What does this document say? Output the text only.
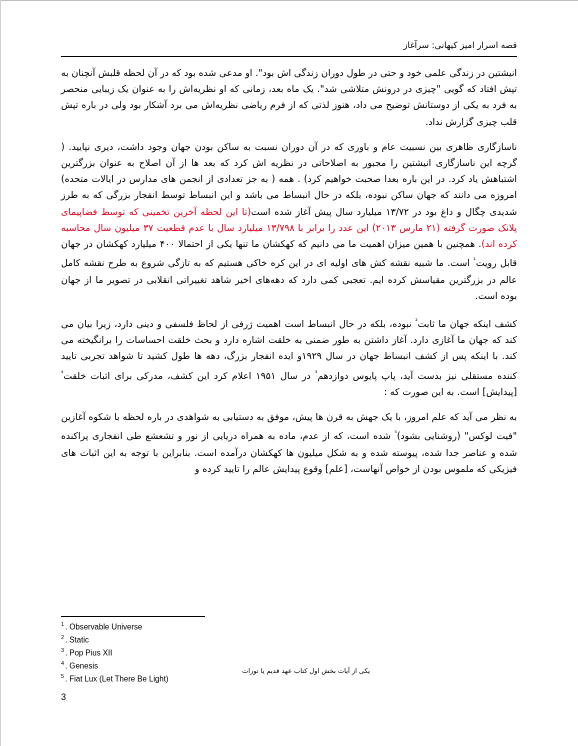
قصه اسرار امیز کیهانی: سرآغاز

انیشتین در زندگی علمی خود و حتی در طول دوران زندگی اش بود". او مدعی شده بود که در آن لحظه قلبش آنچنان به تپش افتاد که گویی "چیزی در درونش متلاشی شد". یک ماه بعد، زمانی که او نظریه‌اش را به عنوان یک زیبایی منحصر به فرد به یکی از دوستانش توضیح می داد، هنوز لذتی که از فرم ریاضی نظریه‌اش می برد آشکار بود ولی در باره تپش قلب چیزی گزارش نداد.

ناسازگاری ظاهری بین نسبیت عام و باوری که در آن دوران نسبت به ساکن بودن جهان وجود داشت، دیری نپایید. ( گرچه این ناسازگاری انیشتین را مجبور به اصلاحاتی در نظریه اش کرد که بعد ها از آن اصلاح به عنوان بزرگترین اشتباهش یاد کرد. در این باره بعدا صحبت خواهیم کرد) . همه ( به جز تعدادی از انجمن های مدارس در ایالات متحده) امروزه می دانند که جهان ساکن نبوده، بلکه در حال انبساط می باشد و این انبساط توسط انفجار بزرگی که به طرز شدیدی چگال و داغ بود در ۱۳/۷۲ میلیارد سال پیش آغاز شده است(تا این لحظه آخرین تخمینی که توسط فضاپیمای پلانک صورت گرفته (۲۱ مارس ۲۰۱۳) این عدد را برابر با ۱۳/۷۹۸ میلیارد سال با عدم قطعیت ۳۷ میلیون سال محاسبه کرده اند). همچنین با همین میزان اهمیت ما می دانیم که کهکشان ما تنها یکی از احتمالا ۴۰۰ میلیارد کهکشان در جهان قابل رویت$^{^1}$ است. ما شبیه نقشه کش های اولیه ای در این کره خاکی هستیم که به تازگی شروع به طرح نقشه کامل عالم در بزرگترین مقیاسش کرده ایم. تعجبی کمی دارد که دهه‌های اخیر شاهد تغییراتی انقلابی در تصویر ما از جهان بوده است.

کشف اینکه جهان ما ثابت$^{^2}$ نبوده، بلکه در حال انبساط است اهمیت ژرفی از لحاظ فلسفی و دینی دارد، زیرا بیان می کند که جهان ما آغازی دارد. آغاز داشتن به طور ضمنی به خلقت اشاره دارد و بحث خلقت احساسات را برانگیخته می کند. با اینکه پس از کشف انبساط جهان در سال ۱۹۲۹و ایده انفجار بزرگ، دهه ها طول کشید تا شواهد تجربی تایید کننده مستقلی نیز بدست آید، پاپ پایوس دوازدهم$^{^3}$ در سال ۱۹۵۱ اعلام کرد این کشف، مدرکی برای اثبات خلقت$^{^4}$ [پیدایش] است. به این صورت که :

به نظر می آید که علم امروز، با یک جهش به قرن ها پیش، موفق به دستیابی به شواهدی در باره لحظه با شکوه آغازین "فیت لوکس" (روشنایی بشود)$^{^5}$ شده است، که از عدم، ماده به همراه دریایی از نور و تشعشع طی انفجاری پراکنده شده و عناصر جدا شده، پیوسته شده و به شکل میلیون ها کهکشان درآمده است. بنابراین با توجه به این اثبات های فیزیکی که ملموس بودن از خواص آنهاست، [علم] وقوع پیدایش عالم را تایید کرده و

$^1$. Observable Universe
$^2$. Static
$^3$. Pop Pius XII
$^4$. Genesis
$^5$. Fiat Lux (Let There Be Light)
یکی از آیات بخش اول کتاب عهد قدیم یا تورات
3
